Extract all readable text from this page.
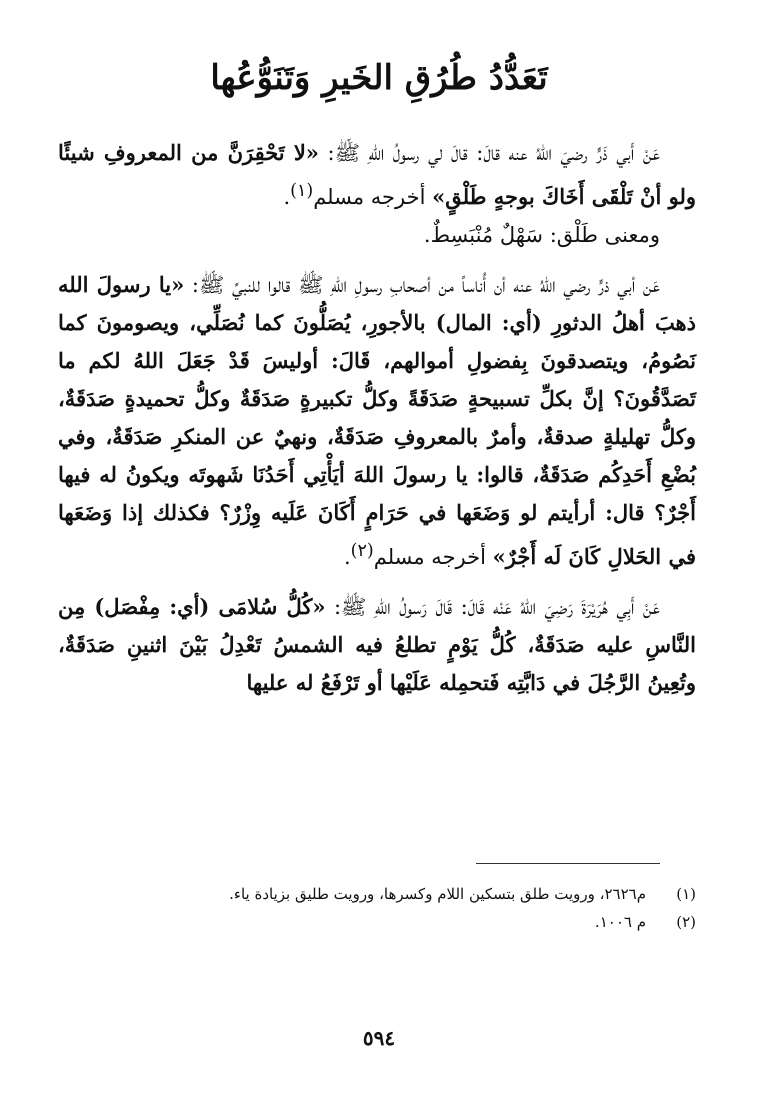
تَعَدُّدُ طُرُقِ الخَيرِ وَتَنَوُّعُها

عَنْ أَبي ذَرٍّ رضيَ اللهُ عنه قالَ: قالَ لي رسولُ اللهِ ﷺ: «لا تَحْقِرَنَّ من المعروفِ شيئًا ولو أنْ تَلْقَى أَخَاكَ بوجهٍ طَلْقٍ» أخرجه مسلم$^{(١)}$.

ومعنى طَلْق: سَهْلٌ مُنْبَسِطٌ.

عَن أبي ذرٍّ رضي اللهُ عنه أن أُناساً من أصحابِ رسولِ اللهِ ﷺ قالوا للنبيِّ ﷺ: «يا رسولَ الله ذهبَ أهلُ الدثورِ (أي: المال) بالأجورِ، يُصَلُّونَ كما نُصَلِّي، ويصومونَ كما نَصُومُ، ويتصدقونَ بِفضولِ أموالهم، قَالَ: أوليسَ قَدْ جَعَلَ اللهُ لكم ما تَصَدَّقُونَ؟ إنَّ بكلِّ تسبيحةٍ صَدَقَةً وكلُّ تكبيرةٍ صَدَقَةٌ وكلُّ تحميدةٍ صَدَقَةٌ، وكلُّ تهليلةٍ صدقةٌ، وأمرٌ بالمعروفِ صَدَقَةٌ، ونهيٌ عن المنكرِ صَدَقَةٌ، وفي بُضْعِ أَحَدِكُم صَدَقَةٌ، قالوا: يا رسولَ اللهَ أيَأْتِي أَحَدُنَا شَهوتَه ويكونُ له فيها أَجْرٌ؟ قال: أرأيتم لو وَضَعَها في حَرَامٍ أَكَانَ عَلَيه وِزْرٌ؟ فكذلك إذا وَضَعَها في الحَلالِ كَانَ لَه أَجْرٌ» أخرجه مسلم$^{(٢)}$.

عَنْ أَبِي هُرَيْرَةَ رَضِيَ اللهُ عَنْه قَالَ: قَالَ رَسولُ اللهِ ﷺ: «كُلُّ سُلامَى (أي: مِفْصَل) مِن النَّاسِ عليه صَدَقَةٌ، كُلُّ يَوْمٍ تطلعُ فيه الشمسُ تَعْدِلُ بَيْنَ اثنينِ صَدَقَةٌ، وتُعِينُ الرَّجُلَ في دَابَّتِه فَتحمِله عَلَيْها أو تَرْفَعُ له عليها

(١)م٢٦٢٦، ورويت طلق بتسكين اللام وكسرها، ورويت طليق بزيادة ياء.

(٢)م ١٠٠٦.

٥٩٤
